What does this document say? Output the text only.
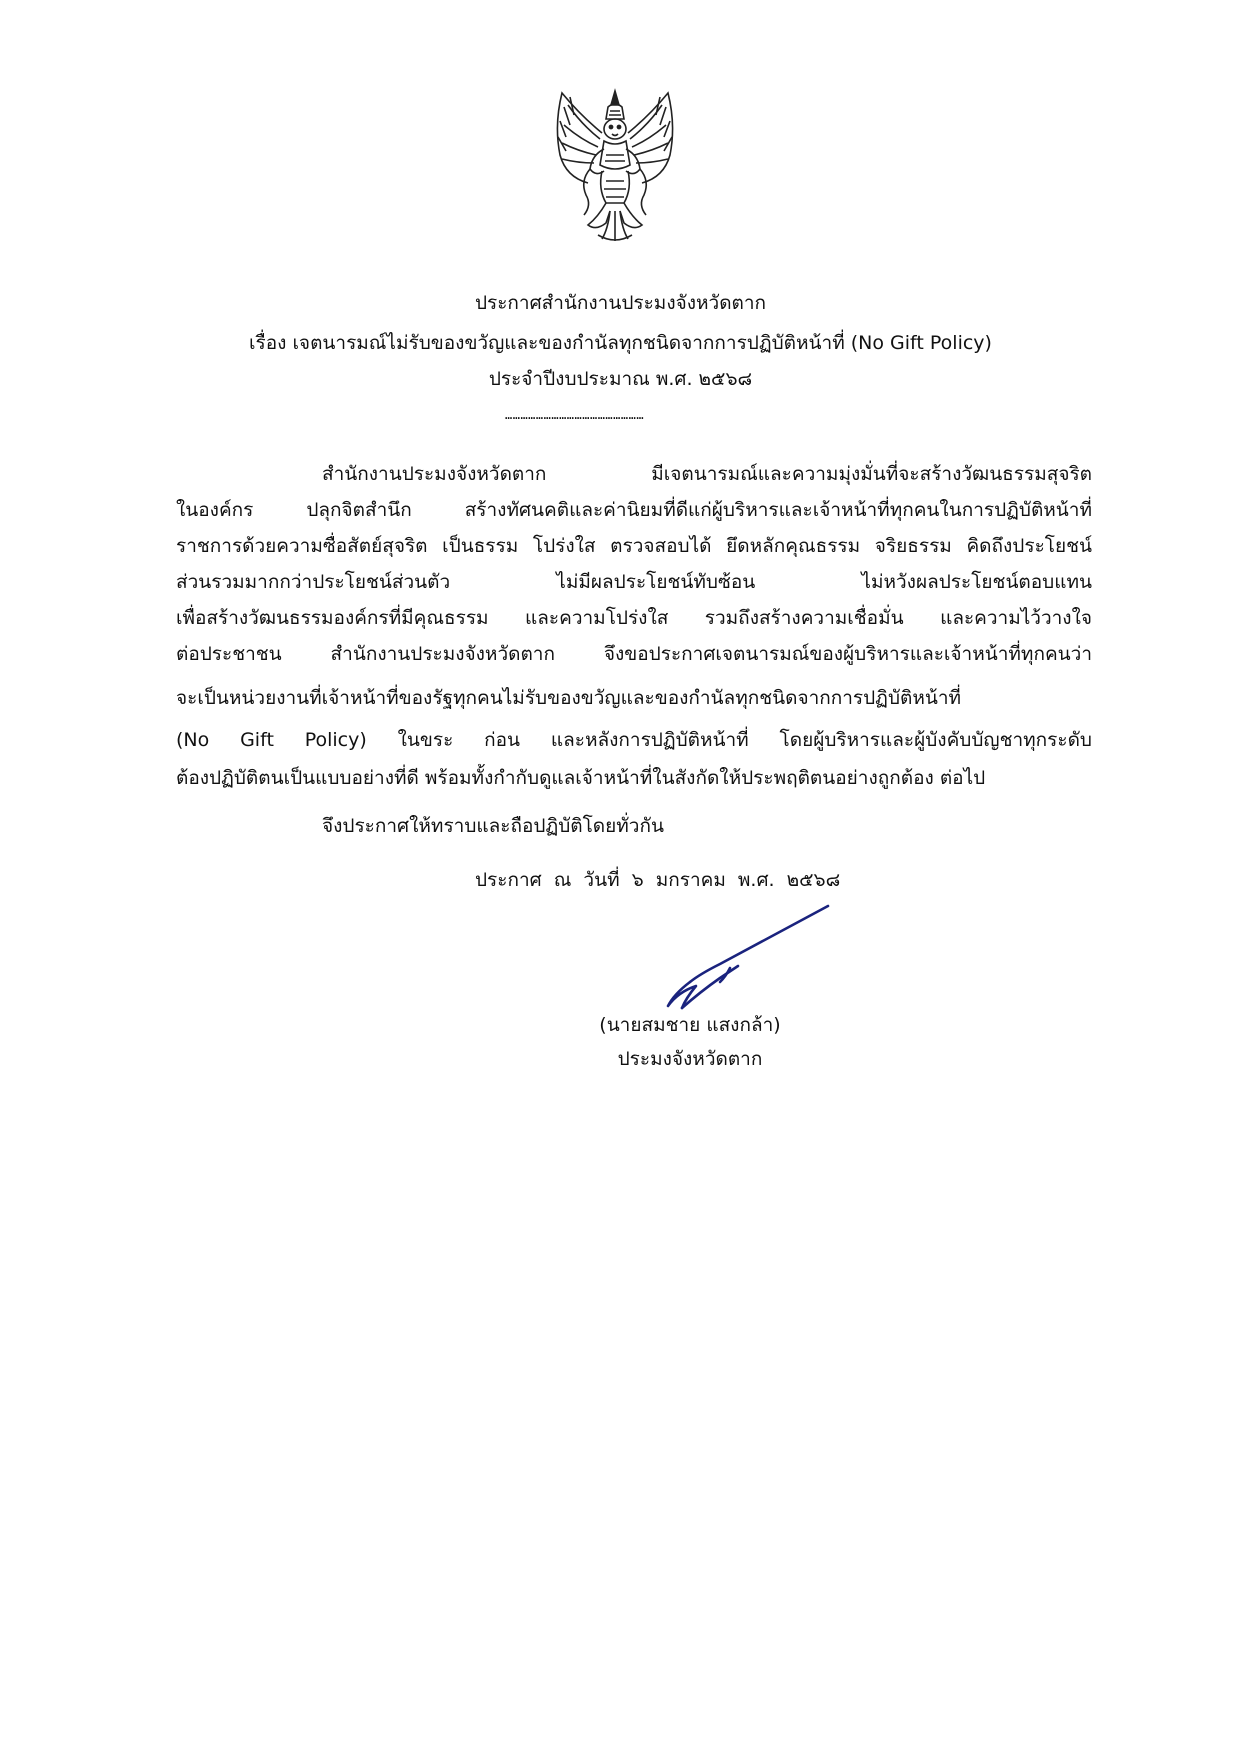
ประกาศสำนักงานประมงจังหวัดตาก
เรื่อง เจตนารมณ์ไม่รับของขวัญและของกำนัลทุกชนิดจากการปฏิบัติหน้าที่ (No Gift Policy)
ประจำปีงบประมาณ พ.ศ. ๒๕๖๘
………………………………………………
สำนักงานประมงจังหวัดตาก มีเจตนารมณ์และความมุ่งมั่นที่จะสร้างวัฒนธรรมสุจริต
ในองค์กร ปลุกจิตสำนึก สร้างทัศนคติและค่านิยมที่ดีแก่ผู้บริหารและเจ้าหน้าที่ทุกคนในการปฏิบัติหน้าที่
ราชการด้วยความซื่อสัตย์สุจริต เป็นธรรม โปร่งใส ตรวจสอบได้ ยึดหลักคุณธรรม จริยธรรม คิดถึงประโยชน์
ส่วนรวมมากกว่าประโยชน์ส่วนตัว ไม่มีผลประโยชน์ทับซ้อน ไม่หวังผลประโยชน์ตอบแทน
เพื่อสร้างวัฒนธรรมองค์กรที่มีคุณธรรม และความโปร่งใส รวมถึงสร้างความเชื่อมั่น และความไว้วางใจ
ต่อประชาชน สำนักงานประมงจังหวัดตาก จึงขอประกาศเจตนารมณ์ของผู้บริหารและเจ้าหน้าที่ทุกคนว่า
จะเป็นหน่วยงานที่เจ้าหน้าที่ของรัฐทุกคนไม่รับของขวัญและของกำนัลทุกชนิดจากการปฏิบัติหน้าที่
(No Gift Policy) ในขระ ก่อน และหลังการปฏิบัติหน้าที่ โดยผู้บริหารและผู้บังคับบัญชาทุกระดับ
ต้องปฏิบัติตนเป็นแบบอย่างที่ดี พร้อมทั้งกำกับดูแลเจ้าหน้าที่ในสังกัดให้ประพฤติตนอย่างถูกต้อง ต่อไป
จึงประกาศให้ทราบและถือปฏิบัติโดยทั่วกัน
ประกาศ ณ วันที่ ๖ มกราคม พ.ศ. ๒๕๖๘
(นายสมชาย แสงกล้า)
ประมงจังหวัดตาก
